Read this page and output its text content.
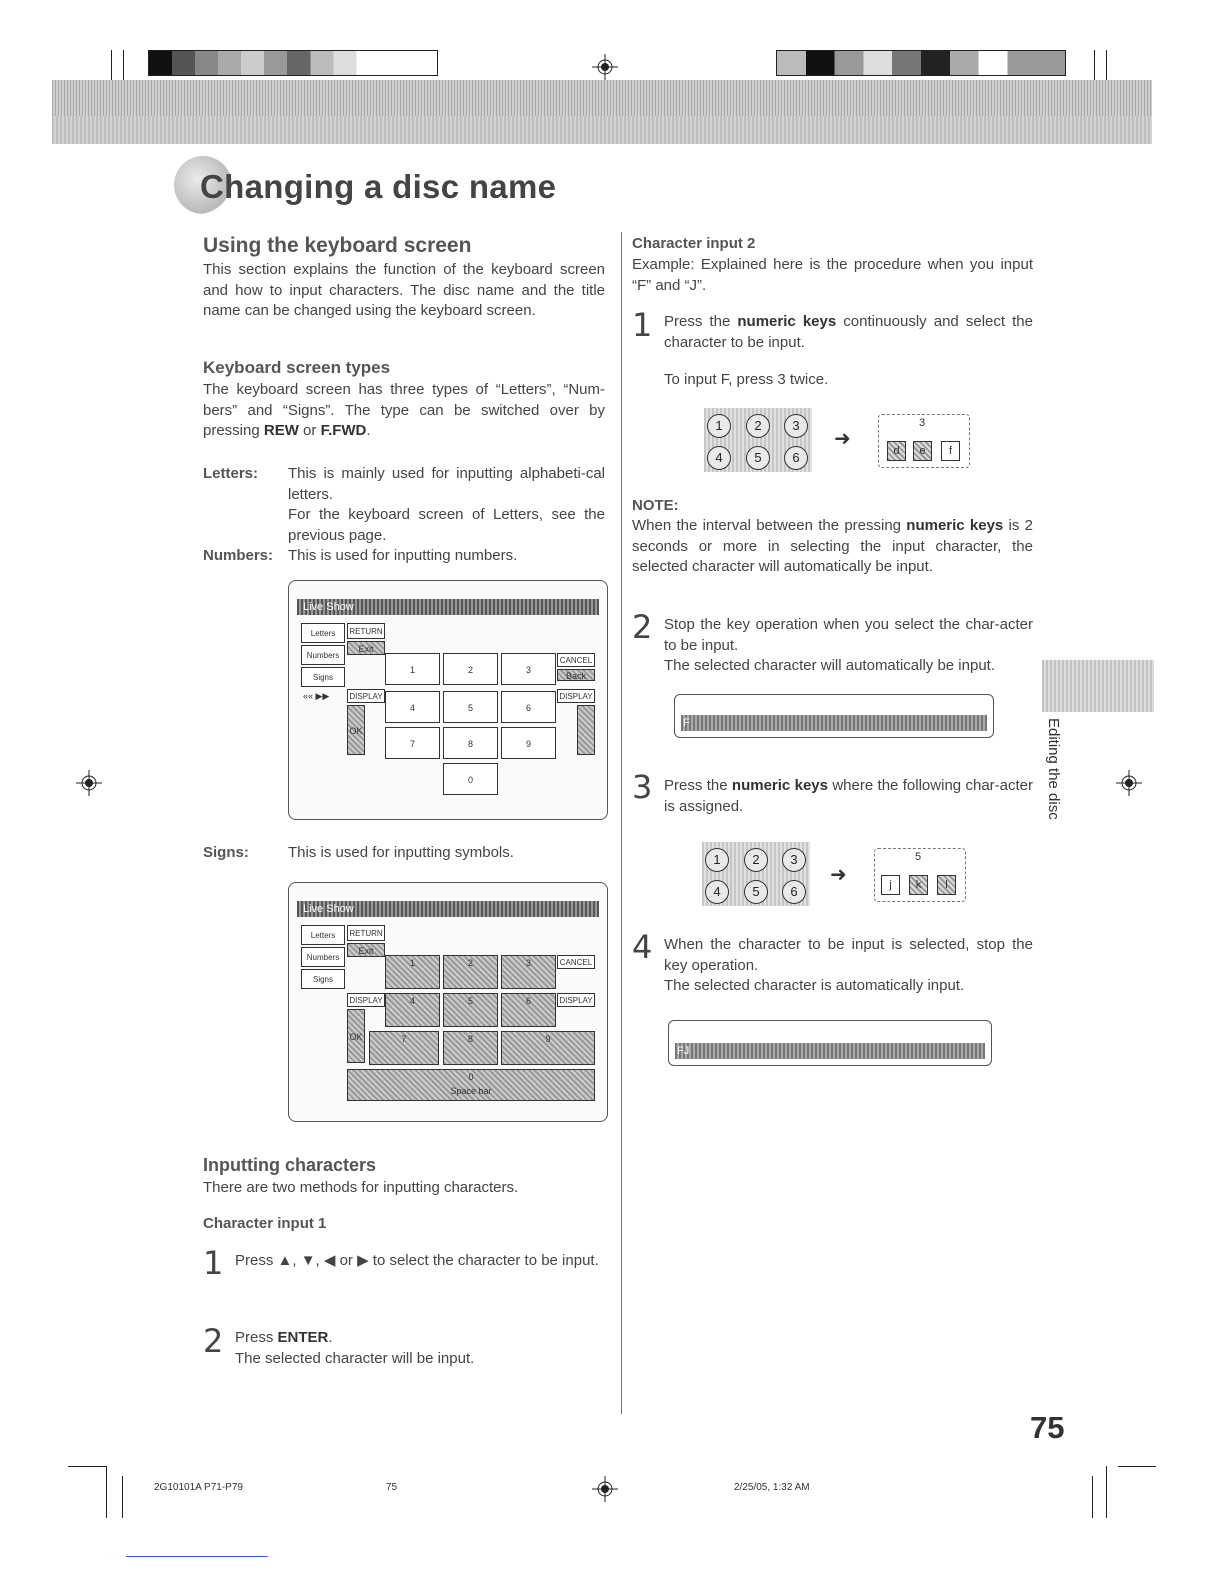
Changing a disc name
Using the keyboard screen
This section explains the function of the keyboard screen and how to input characters. The disc name and the title name can be changed using the keyboard screen.
Keyboard screen types
The keyboard screen has three types of “Letters”, “Num-bers” and “Signs”. The type can be switched over by pressing REW or F.FWD.
Letters: This is mainly used for inputting alphabeti-cal letters.
For the keyboard screen of Letters, see the previous page.
Numbers: This is used for inputting numbers.
Live Show
Letters
Numbers
Signs
«« ▶▶
RETURN
Exit
DISPLAY
OK
CANCEL
Back
DISPLAY
1	2	3
4	5	6
7	8	9
0
Signs:	This is used for inputting symbols.
Live Show
Letters
Numbers
Signs
RETURN
Exit
DISPLAY
OK
CANCEL
DISPLAY
1	2	3
4	5	6
7	8	9
0
Space bar
Inputting characters
There are two methods for inputting characters.
Character input 1
1 Press ▲, ▼, ◀ or ▶ to select the character to be input.
2 Press ENTER.
The selected character will be input.
Character input 2
Example: Explained here is the procedure when you input “F” and “J”.
1 Press the numeric keys continuously and select the character to be input.
To input F, press 3 twice.
1	2	3
4	5	6
➜
3
d	e	f
NOTE:
When the interval between the pressing numeric keys is 2 seconds or more in selecting the input character, the selected character will automatically be input.
2 Stop the key operation when you select the char-acter to be input.
The selected character will automatically be input.
F
3 Press the numeric keys where the following char-acter is assigned.
1	2	3
4	5	6
➜
5
j	k	l
4 When the character to be input is selected, stop the key operation.
The selected character is automatically input.
FJ
Editing the disc
75
2G10101A P71-P79	75	2/25/05, 1:32 AM
